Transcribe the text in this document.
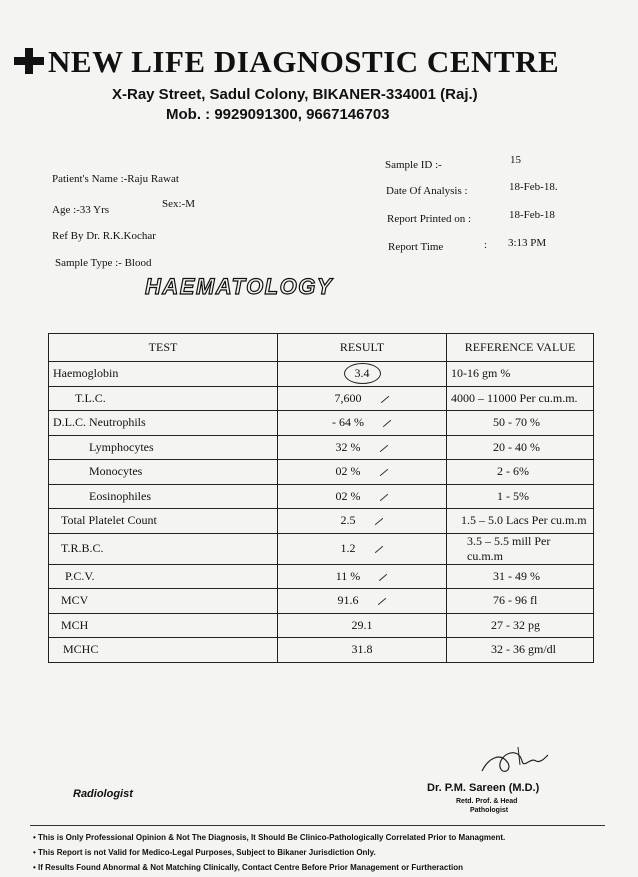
NEW LIFE DIAGNOSTIC CENTRE
X-Ray Street, Sadul Colony, BIKANER-334001 (Raj.)
Mob. : 9929091300, 9667146703
Patient's Name :-Raju Rawat
Age :-33 Yrs	Sex:-M
Ref By Dr. R.K.Kochar
Sample Type :- Blood
Sample ID :-	15
Date Of Analysis :	18-Feb-18.
Report Printed on :	18-Feb-18
Report Time	: 3:13 PM
HAEMATOLOGY
TEST	RESULT	REFERENCE VALUE
Haemoglobin	3.4	10-16 gm %
T.L.C.	7,600	4000 – 11000 Per cu.m.m.
D.L.C. Neutrophils	- 64 %	50 - 70 %
Lymphocytes	32 %	20 - 40 %
Monocytes	02 %	2 - 6%
Eosinophiles	02 %	1 - 5%
Total Platelet Count	2.5	1.5 – 5.0 Lacs Per cu.m.m
T.R.B.C.	1.2	3.5 – 5.5 mill Per cu.m.m
P.C.V.	11 %	31 - 49 %
MCV	91.6	76 - 96 fl
MCH	29.1	27 - 32 pg
MCHC	31.8	32 - 36 gm/dl
Radiologist	Dr. P.M. Sareen (M.D.)
Retd. Prof. & Head
Pathologist
• This is Only Professional Opinion & Not The Diagnosis, It Should Be Clinico-Pathologically Correlated Prior to Managment.
• This Report is not Valid for Medico-Legal Purposes, Subject to Bikaner Jurisdiction Only.
• If Results Found Abnormal & Not Matching Clinically, Contact Centre Before Prior Management or Furtheraction
